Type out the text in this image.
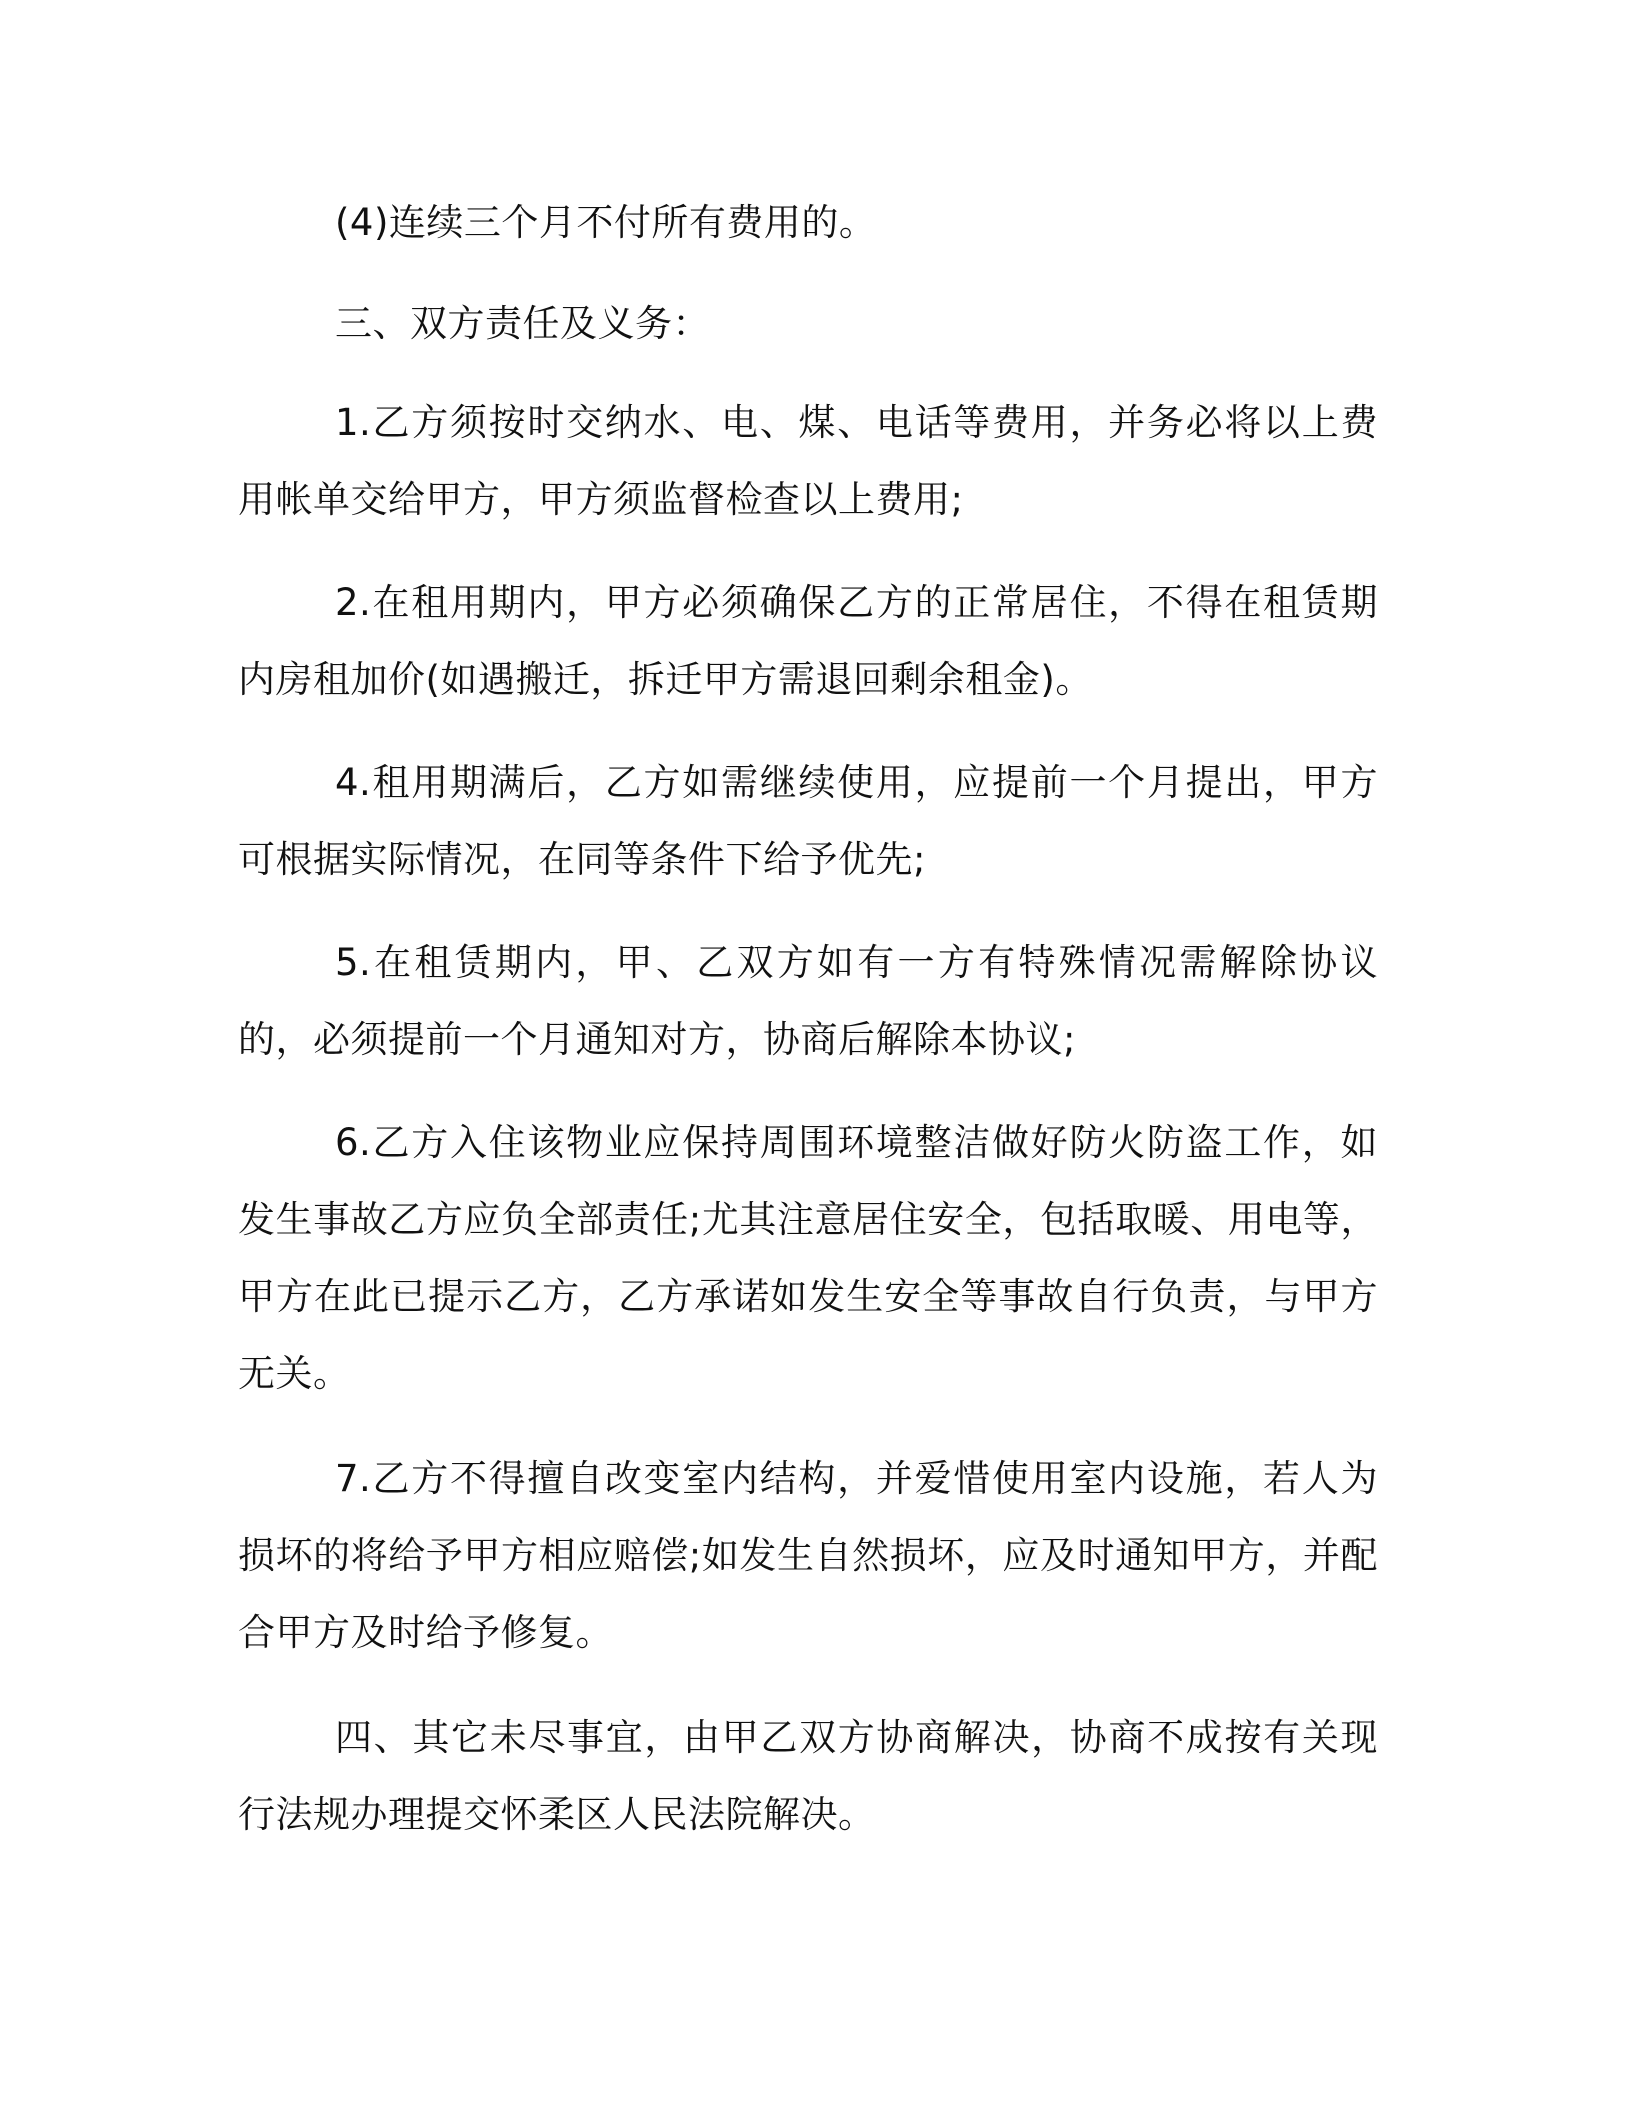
(4)连续三个月不付所有费用的。

三、双方责任及义务：

1.乙方须按时交纳水、电、煤、电话等费用，并务必将以上费用帐单交给甲方，甲方须监督检查以上费用;

2.在租用期内，甲方必须确保乙方的正常居住，不得在租赁期内房租加价(如遇搬迁，拆迁甲方需退回剩余租金)。

4.租用期满后，乙方如需继续使用，应提前一个月提出，甲方可根据实际情况，在同等条件下给予优先;

5.在租赁期内，甲、乙双方如有一方有特殊情况需解除协议的，必须提前一个月通知对方，协商后解除本协议;

6.乙方入住该物业应保持周围环境整洁做好防火防盗工作，如发生事故乙方应负全部责任;尤其注意居住安全，包括取暖、用电等，甲方在此已提示乙方，乙方承诺如发生安全等事故自行负责，与甲方无关。

7.乙方不得擅自改变室内结构，并爱惜使用室内设施，若人为损坏的将给予甲方相应赔偿;如发生自然损坏，应及时通知甲方，并配合甲方及时给予修复。

四、其它未尽事宜，由甲乙双方协商解决，协商不成按有关现行法规办理提交怀柔区人民法院解决。
